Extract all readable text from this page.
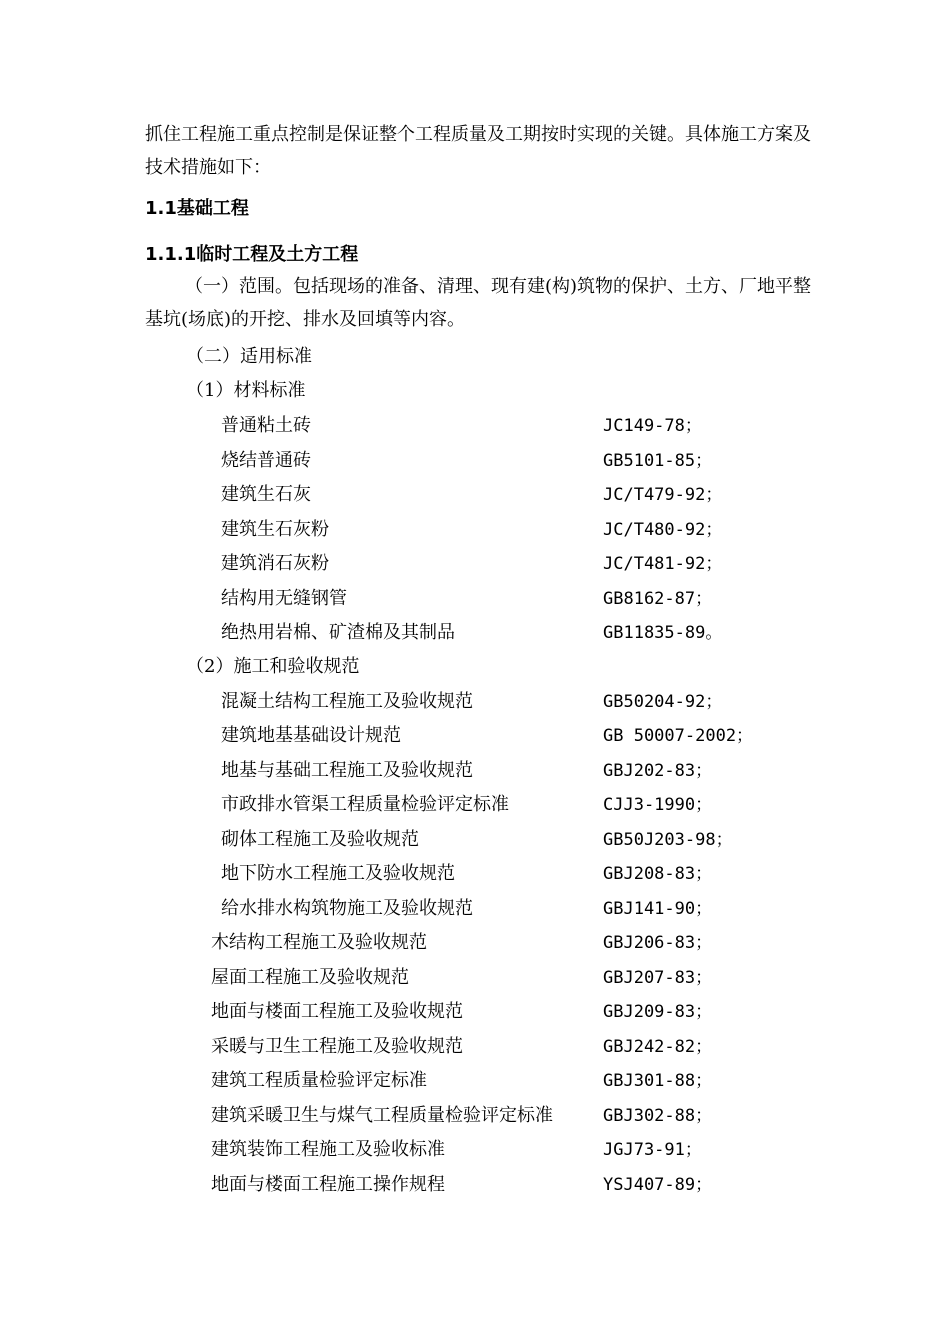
抓住工程施工重点控制是保证整个工程质量及工期按时实现的关键。具体施工方案及技术措施如下：

1.1基础工程
1.1.1临时工程及土方工程

（一）范围。包括现场的准备、清理、现有建(构)筑物的保护、土方、厂地平整基坑(场底)的开挖、排水及回填等内容。

（二）适用标准
（1）材料标准
普通粘土砖	JC149-78；
烧结普通砖	GB5101-85；
建筑生石灰	JC/T479-92；
建筑生石灰粉	JC/T480-92；
建筑消石灰粉	JC/T481-92；
结构用无缝钢管	GB8162-87；
绝热用岩棉、矿渣棉及其制品	GB11835-89。
（2）施工和验收规范
混凝土结构工程施工及验收规范	GB50204-92；
建筑地基基础设计规范	GB 50007-2002；
地基与基础工程施工及验收规范	GBJ202-83；
市政排水管渠工程质量检验评定标准	CJJ3-1990；
砌体工程施工及验收规范	GB50J203-98；
地下防水工程施工及验收规范	GBJ208-83；
给水排水构筑物施工及验收规范	GBJ141-90；
木结构工程施工及验收规范	GBJ206-83；
屋面工程施工及验收规范	GBJ207-83；
地面与楼面工程施工及验收规范	GBJ209-83；
采暖与卫生工程施工及验收规范	GBJ242-82；
建筑工程质量检验评定标准	GBJ301-88；
建筑采暖卫生与煤气工程质量检验评定标准	GBJ302-88；
建筑装饰工程施工及验收标准	JGJ73-91；
地面与楼面工程施工操作规程	YSJ407-89；
